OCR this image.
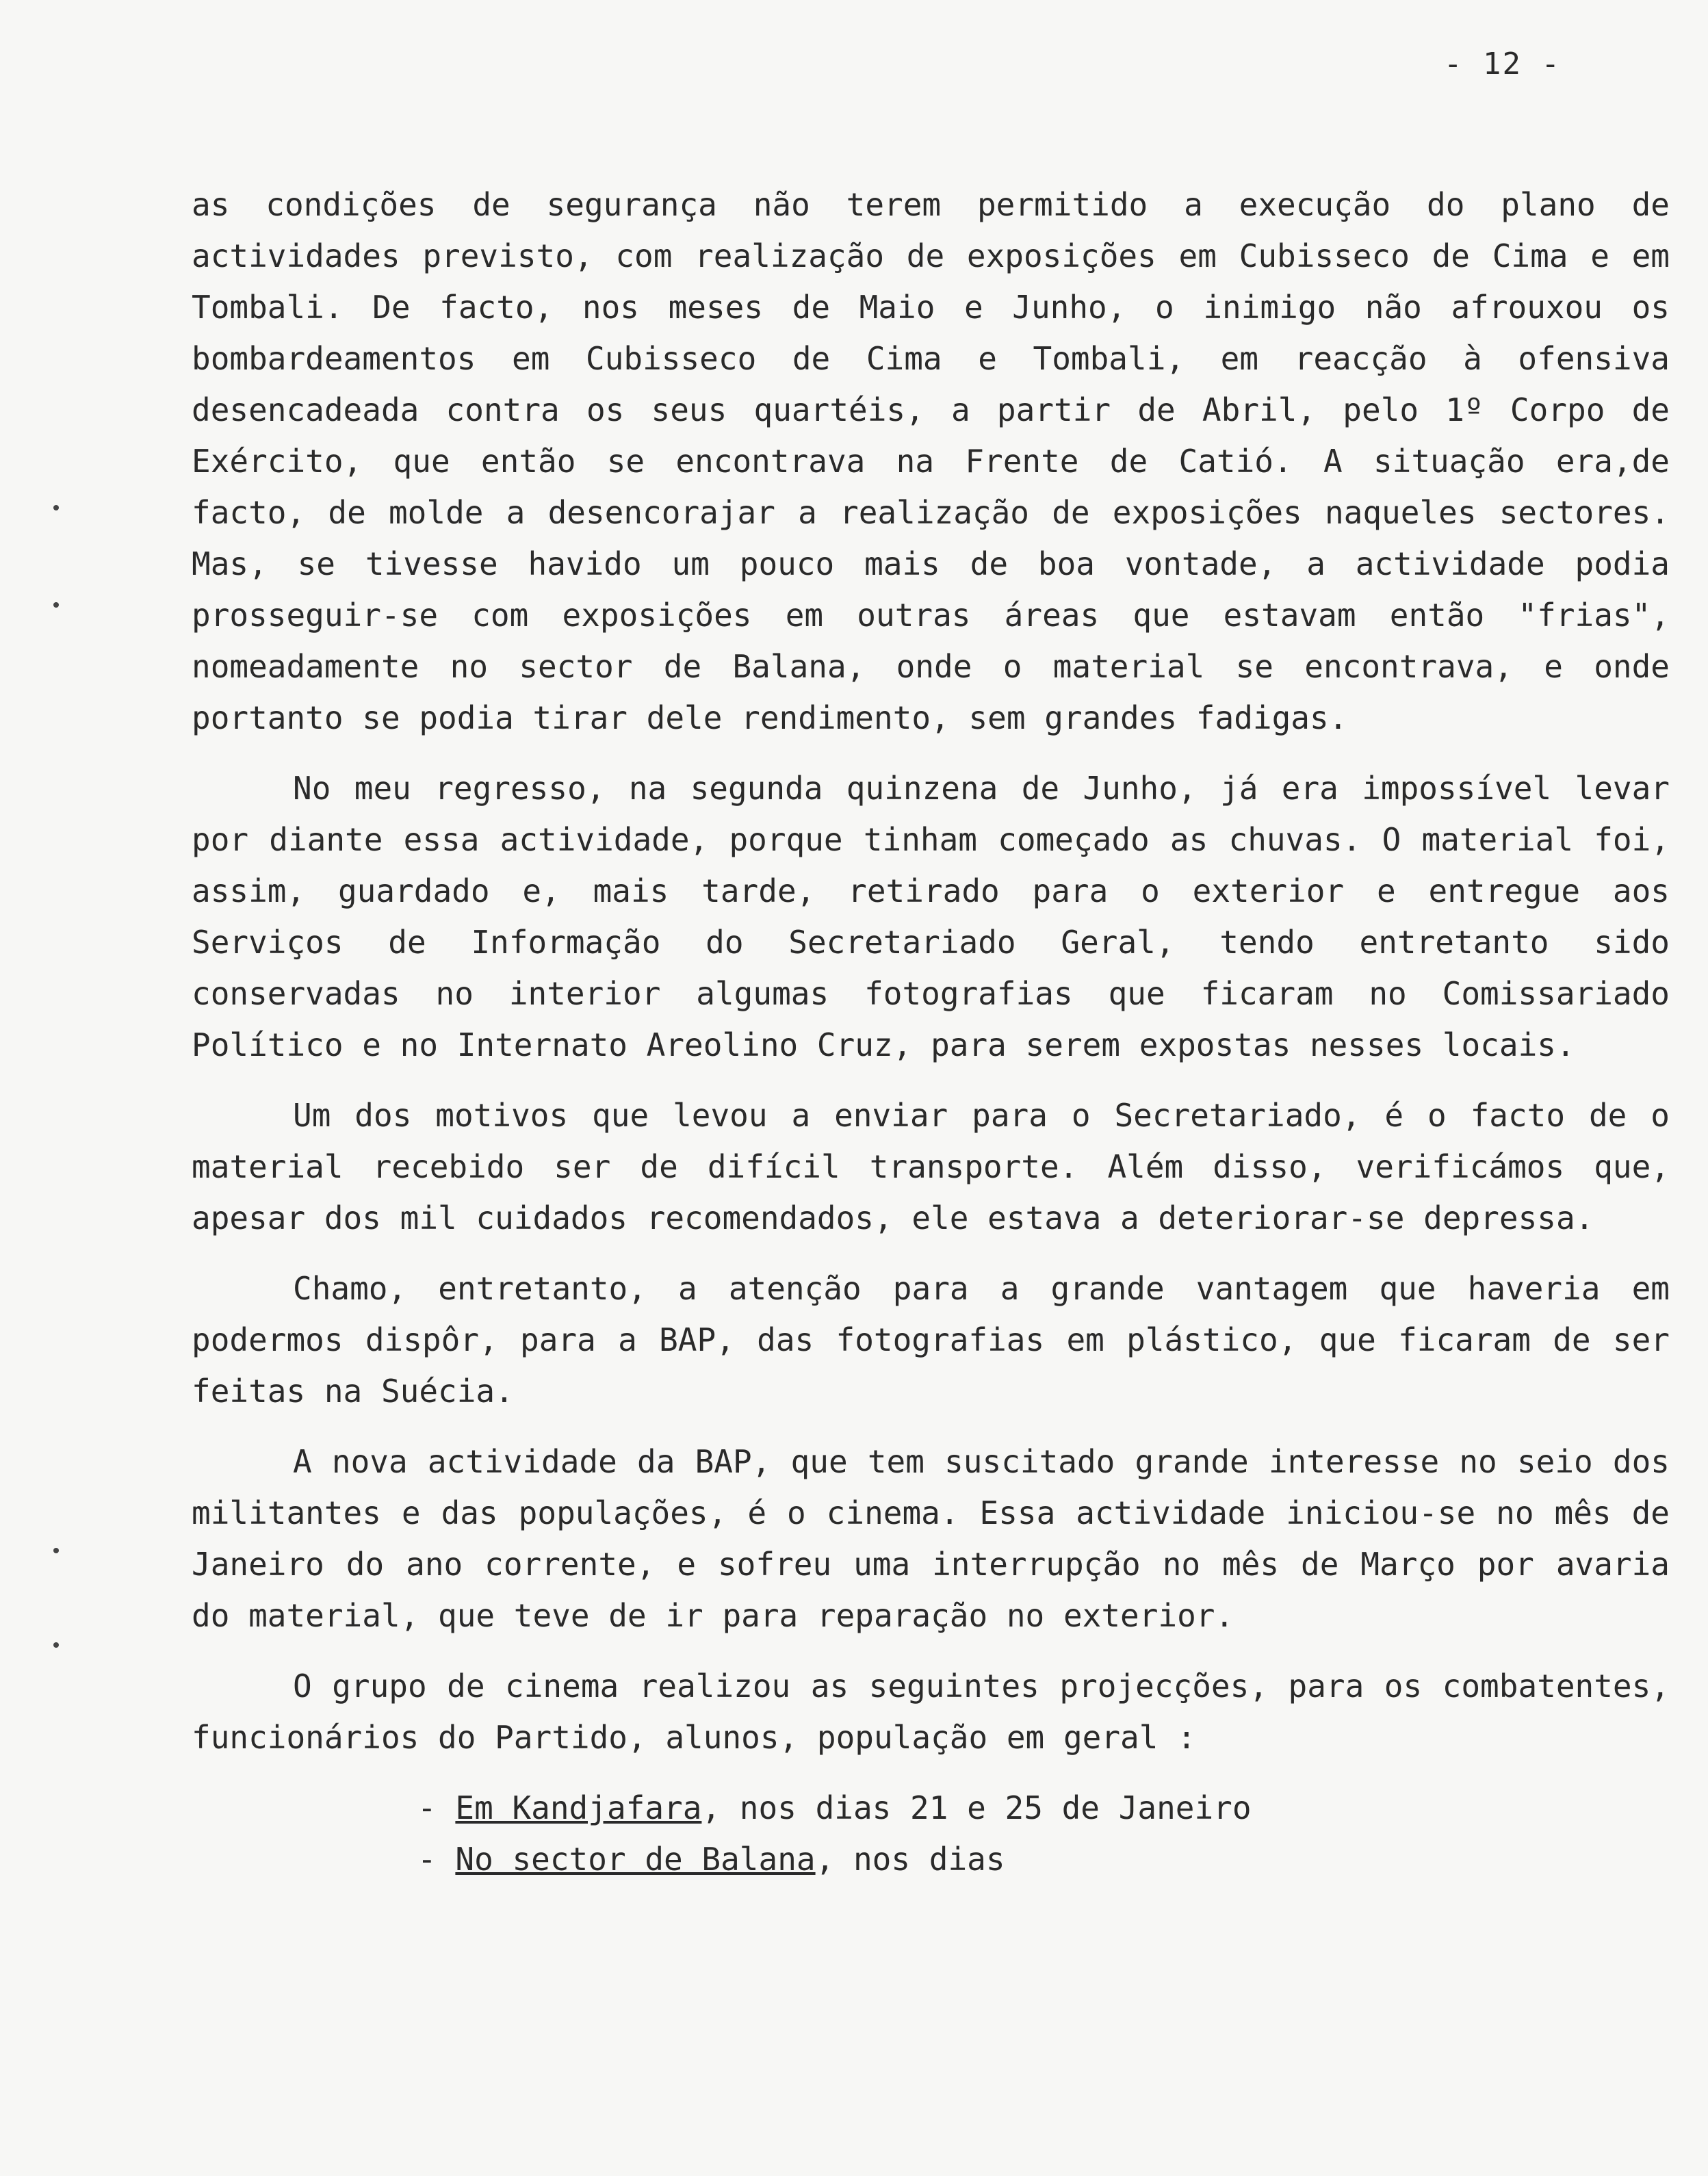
- 12 -

as condições de segurança não terem permitido a execução do plano de actividades previsto, com realização de exposições em Cubisseco de Cima e em Tombali. De facto, nos meses de Maio e Junho, o inimigo não afrouxou os bombardeamentos em Cubisseco de Cima e Tombali, em reacção à ofensiva desencadeada contra os seus quartéis, a partir de Abril, pelo 1º Corpo de Exército, que então se encontrava na Frente de Catió. A situação era,de facto, de molde a desencorajar a realização de exposições naqueles sectores. Mas, se tivesse havido um pouco mais de boa vontade, a actividade podia prosseguir-se com exposições em outras áreas que estavam então "frias", nomeadamente no sector de Balana, onde o material se encontrava, e onde portanto se podia tirar dele rendimento, sem grandes fadigas.

No meu regresso, na segunda quinzena de Junho, já era impossível levar por diante essa actividade, porque tinham começado as chuvas. O material foi, assim, guardado e, mais tarde, retirado para o exterior e entregue aos Serviços de Informação do Secretariado Geral, tendo entretanto sido conservadas no interior algumas fotografias que ficaram no Comissariado Político e no Internato Areolino Cruz, para serem expostas nesses locais.

Um dos motivos que levou a enviar para o Secretariado, é o facto de o material recebido ser de difícil transporte. Além disso, verificámos que, apesar dos mil cuidados recomendados, ele estava a deteriorar-se depressa.

Chamo, entretanto, a atenção para a grande vantagem que haveria em podermos dispôr, para a BAP, das fotografias em plástico, que ficaram de ser feitas na Suécia.

A nova actividade da BAP, que tem suscitado grande interesse no seio dos militantes e das populações, é o cinema. Essa actividade iniciou-se no mês de Janeiro do ano corrente, e sofreu uma interrupção no mês de Março por avaria do material, que teve de ir para reparação no exterior.

O grupo de cinema realizou as seguintes projecções, para os combatentes, funcionários do Partido, alunos, população em geral :

- Em Kandjafara, nos dias 21 e 25 de Janeiro
- No sector de Balana, nos dias
